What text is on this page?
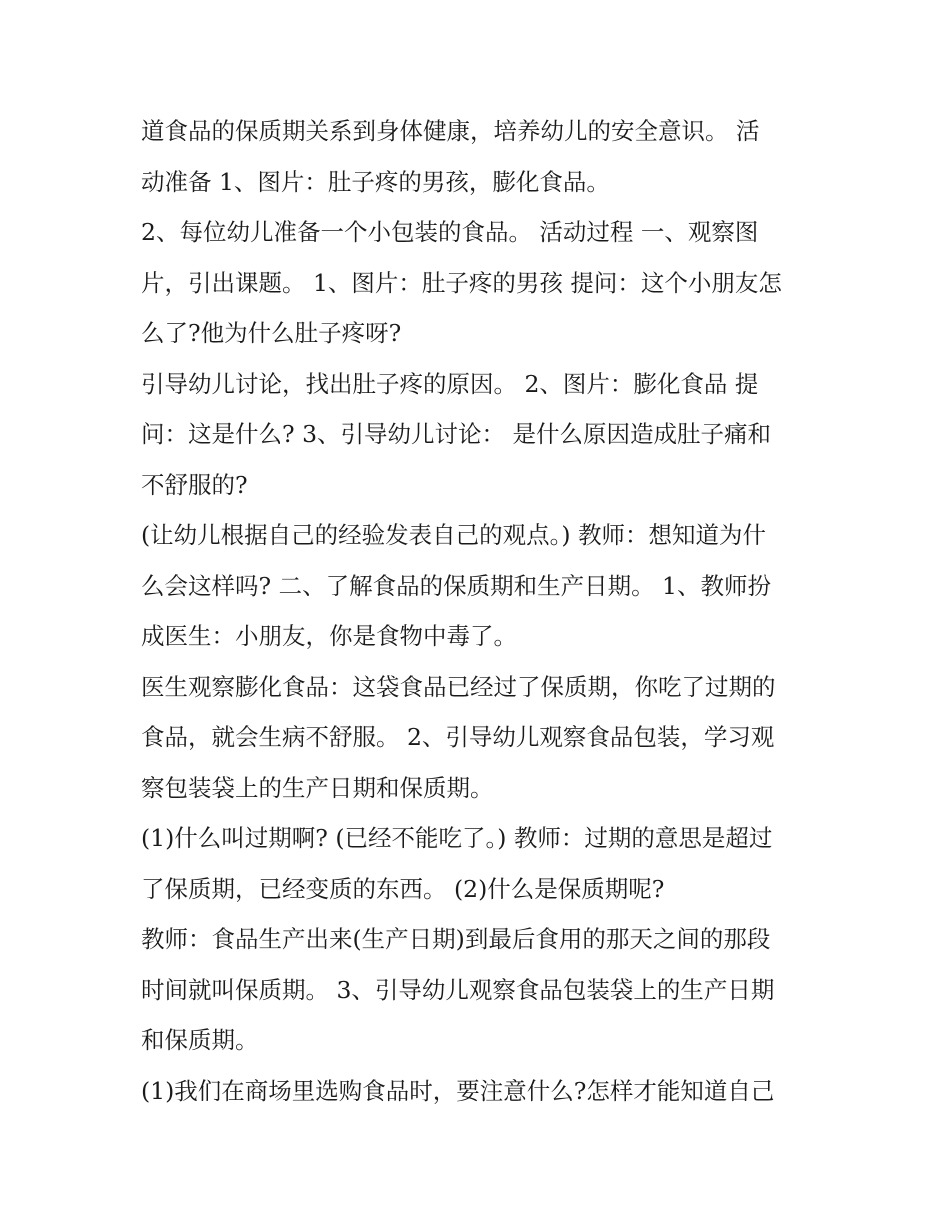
道食品的保质期关系到身体健康，培养幼儿的安全意识。 活
动准备 1、图片：肚子疼的男孩，膨化食品。

2、每位幼儿准备一个小包装的食品。 活动过程 一、观察图
片，引出课题。 1、图片：肚子疼的男孩 提问：这个小朋友怎
么了?他为什么肚子疼呀?

引导幼儿讨论，找出肚子疼的原因。 2、图片：膨化食品 提
问：这是什么? 3、引导幼儿讨论： 是什么原因造成肚子痛和
不舒服的?

(让幼儿根据自己的经验发表自己的观点。) 教师：想知道为什
么会这样吗? 二、了解食品的保质期和生产日期。 1、教师扮
成医生：小朋友，你是食物中毒了。

医生观察膨化食品：这袋食品已经过了保质期，你吃了过期的
食品，就会生病不舒服。 2、引导幼儿观察食品包装，学习观
察包装袋上的生产日期和保质期。

(1)什么叫过期啊? (已经不能吃了。) 教师：过期的意思是超过
了保质期，已经变质的东西。 (2)什么是保质期呢?

教师：食品生产出来(生产日期)到最后食用的那天之间的那段
时间就叫保质期。 3、引导幼儿观察食品包装袋上的生产日期
和保质期。

(1)我们在商场里选购食品时，要注意什么?怎样才能知道自己
